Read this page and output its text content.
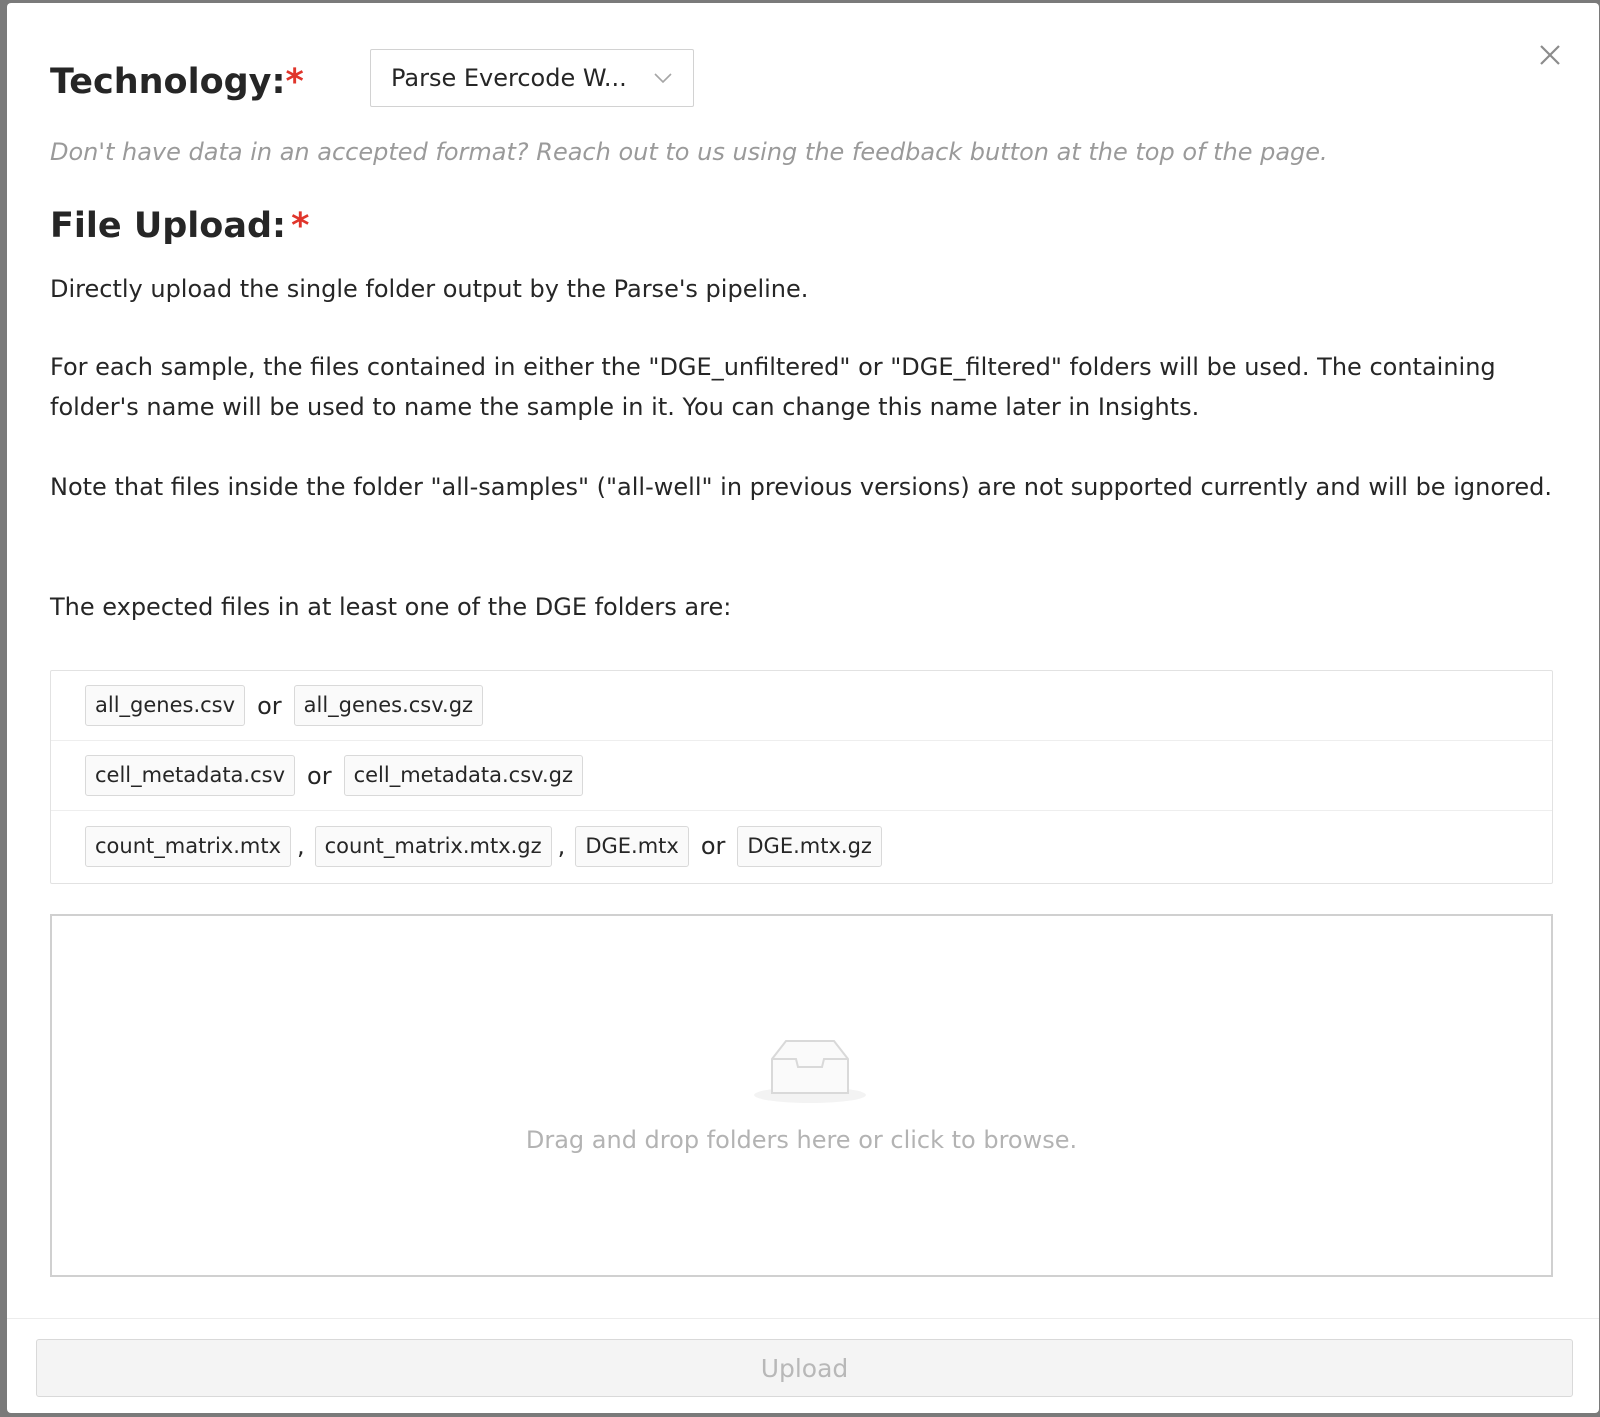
Technology: *	Parse Evercode W...
Don't have data in an accepted format? Reach out to us using the feedback button at the top of the page.
File Upload: *
Directly upload the single folder output by the Parse's pipeline.
For each sample, the files contained in either the "DGE_unfiltered" or "DGE_filtered" folders will be used. The containing folder's name will be used to name the sample in it. You can change this name later in Insights.
Note that files inside the folder "all-samples" ("all-well" in previous versions) are not supported currently and will be ignored.
The expected files in at least one of the DGE folders are:
all_genes.csv or	all_genes.csv.gz
cell_metadata.csv or	cell_metadata.csv.gz
count_matrix.mtx , count_matrix.mtx.gz , DGE.mtx or	DGE.mtx.gz
Drag and drop folders here or click to browse.
Upload
